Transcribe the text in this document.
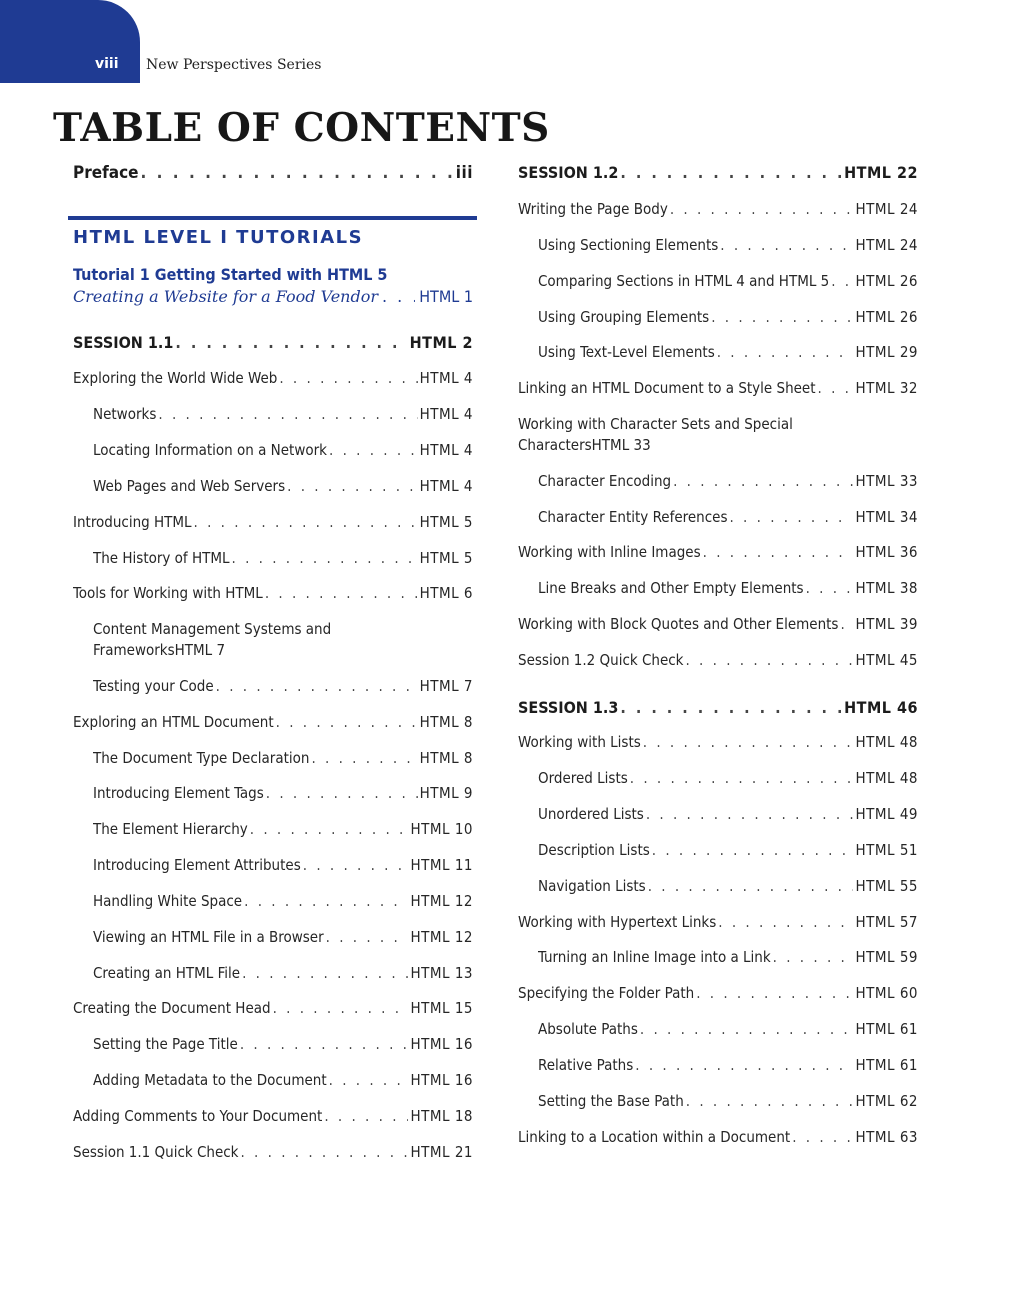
viii New Perspectives Series
TABLE OF CONTENTS
Preface . . .	iii
HTML LEVEL I TUTORIALS
Tutorial 1 Getting Started with HTML 5
Creating a Website for a Food Vendor . . .	HTML 1
SESSION 1.1 . . .	HTML 2
Exploring the World Wide Web . . .	HTML 4
Networks . . .	HTML 4
Locating Information on a Network . . .	HTML 4
Web Pages and Web Servers . . .	HTML 4
Introducing HTML . . .	HTML 5
The History of HTML . . .	HTML 5
Tools for Working with HTML . . .	HTML 6
Content Management Systems and
Frameworks HTML 7
Testing your Code . . .	HTML 7
Exploring an HTML Document . . .	HTML 8
The Document Type Declaration . . .	HTML 8
Introducing Element Tags . . .	HTML 9
The Element Hierarchy . . .	HTML 10
Introducing Element Attributes . . .	HTML 11
Handling White Space . . .	HTML 12
Viewing an HTML File in a Browser . . .	HTML 12
Creating an HTML File . . .	HTML 13
Creating the Document Head . . .	HTML 15
Setting the Page Title . . .	HTML 16
Adding Metadata to the Document . . .	HTML 16
Adding Comments to Your Document . . .	HTML 18
Session 1.1 Quick Check . . .	HTML 21
SESSION 1.2 . . .	HTML 22
Writing the Page Body . . .	HTML 24
Using Sectioning Elements . . .	HTML 24
Comparing Sections in HTML 4 and HTML 5 . . . HTML 26
Using Grouping Elements . . .	HTML 26
Using Text-Level Elements . . .	HTML 29
Linking an HTML Document to a Style Sheet . . .	HTML 32
Working with Character Sets and Special
Characters HTML 33
Character Encoding . . .	HTML 33
Character Entity References . . .	HTML 34
Working with Inline Images . . .	HTML 36
Line Breaks and Other Empty Elements . . .	HTML 38
Working with Block Quotes and Other Elements . . . HTML 39
Session 1.2 Quick Check . . .	HTML 45
SESSION 1.3 . . .	HTML 46
Working with Lists . . .	HTML 48
Ordered Lists . . .	HTML 48
Unordered Lists . . .	HTML 49
Description Lists . . .	HTML 51
Navigation Lists . . .	HTML 55
Working with Hypertext Links . . .	HTML 57
Turning an Inline Image into a Link . . .	HTML 59
Specifying the Folder Path . . .	HTML 60
Absolute Paths . . .	HTML 61
Relative Paths . . .	HTML 61
Setting the Base Path . . .	HTML 62
Linking to a Location within a Document . . .	HTML 63
